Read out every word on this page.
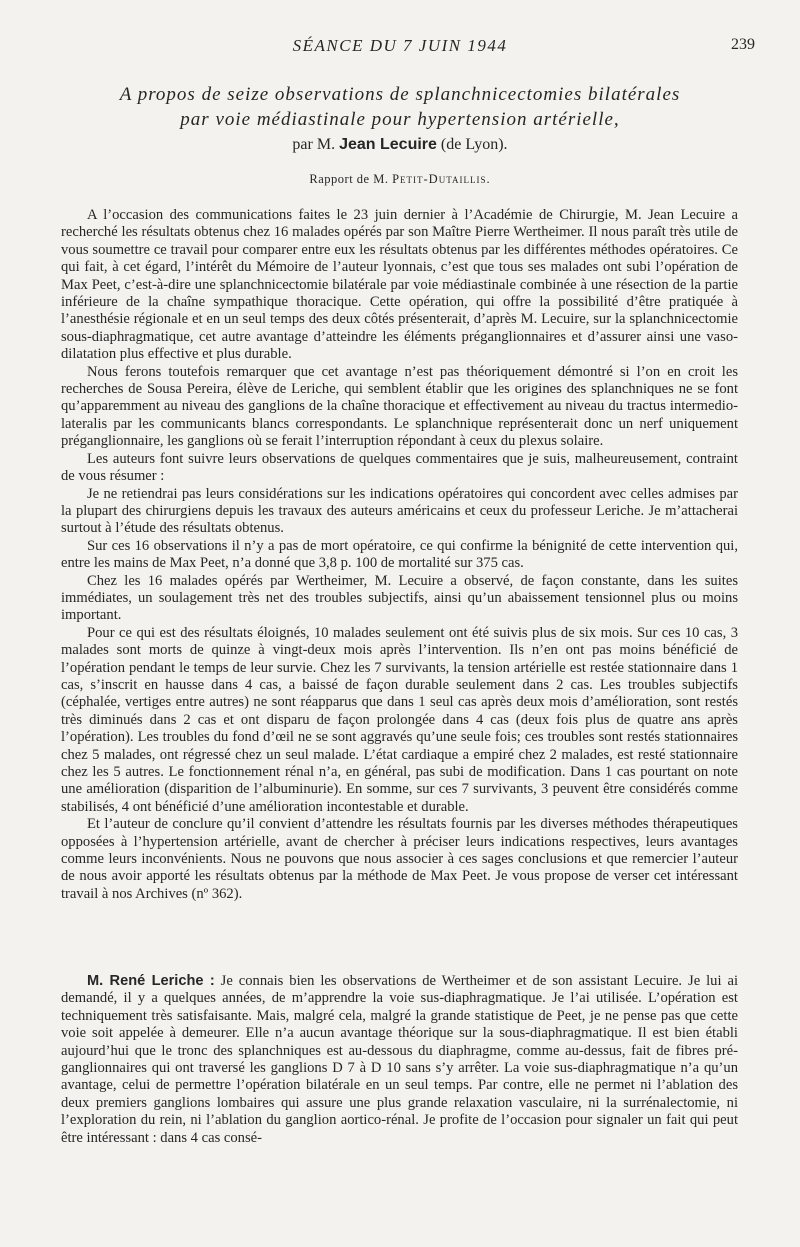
SÉANCE DU 7 JUIN 1944	239
A propos de seize observations de splanchnicectomies bilatérales
par voie médiastinale pour hypertension artérielle,
par M. Jean Lecuire (de Lyon).
Rapport de M. Petit-Dutaillis.

A l’occasion des communications faites le 23 juin dernier à l’Académie de Chirurgie, M. Jean Lecuire a recherché les résultats obtenus chez 16 malades opérés par son Maître Pierre Wertheimer. Il nous paraît très utile de vous soumettre ce travail pour comparer entre eux les résultats obtenus par les différentes méthodes opératoires. Ce qui fait, à cet égard, l’intérêt du Mémoire de l’auteur lyonnais, c’est que tous ses malades ont subi l’opération de Max Peet, c’est-à-dire une splanchnicectomie bilatérale par voie médiastinale combinée à une résection de la partie inférieure de la chaîne sympathique thoracique. Cette opération, qui offre la possibilité d’être pratiquée à l’anesthésie régionale et en un seul temps des deux côtés présenterait, d’après M. Lecuire, sur la splanchnicectomie sous-diaphragmatique, cet autre avantage d’atteindre les éléments préganglionnaires et d’assurer ainsi une vaso-dilatation plus effective et plus durable.

Nous ferons toutefois remarquer que cet avantage n’est pas théoriquement démontré si l’on en croit les recherches de Sousa Pereira, élève de Leriche, qui semblent établir que les origines des splanchniques ne se font qu’apparemment au niveau des ganglions de la chaîne thoracique et effectivement au niveau du tractus intermedio-lateralis par les communicants blancs correspondants. Le splanchnique représenterait donc un nerf uniquement préganglionnaire, les ganglions où se ferait l’interruption répondant à ceux du plexus solaire.

Les auteurs font suivre leurs observations de quelques commentaires que je suis, malheureusement, contraint de vous résumer :

Je ne retiendrai pas leurs considérations sur les indications opératoires qui concordent avec celles admises par la plupart des chirurgiens depuis les travaux des auteurs américains et ceux du professeur Leriche. Je m’attacherai surtout à l’étude des résultats obtenus.

Sur ces 16 observations il n’y a pas de mort opératoire, ce qui confirme la bénignité de cette intervention qui, entre les mains de Max Peet, n’a donné que 3,8 p. 100 de mortalité sur 375 cas.

Chez les 16 malades opérés par Wertheimer, M. Lecuire a observé, de façon constante, dans les suites immédiates, un soulagement très net des troubles subjectifs, ainsi qu’un abaissement tensionnel plus ou moins important.

Pour ce qui est des résultats éloignés, 10 malades seulement ont été suivis plus de six mois. Sur ces 10 cas, 3 malades sont morts de quinze à vingt-deux mois après l’intervention. Ils n’en ont pas moins bénéficié de l’opération pendant le temps de leur survie. Chez les 7 survivants, la tension artérielle est restée stationnaire dans 1 cas, s’inscrit en hausse dans 4 cas, a baissé de façon durable seulement dans 2 cas. Les troubles subjectifs (céphalée, vertiges entre autres) ne sont réapparus que dans 1 seul cas après deux mois d’amélioration, sont restés très diminués dans 2 cas et ont disparu de façon prolongée dans 4 cas (deux fois plus de quatre ans après l’opération). Les troubles du fond d’œil ne se sont aggravés qu’une seule fois; ces troubles sont restés stationnaires chez 5 malades, ont régressé chez un seul malade. L’état cardiaque a empiré chez 2 malades, est resté stationnaire chez les 5 autres. Le fonctionnement rénal n’a, en général, pas subi de modification. Dans 1 cas pourtant on note une amélioration (disparition de l’albuminurie). En somme, sur ces 7 survivants, 3 peuvent être considérés comme stabilisés, 4 ont bénéficié d’une amélioration incontestable et durable.

Et l’auteur de conclure qu’il convient d’attendre les résultats fournis par les diverses méthodes thérapeutiques opposées à l’hypertension artérielle, avant de chercher à préciser leurs indications respectives, leurs avantages comme leurs inconvénients. Nous ne pouvons que nous associer à ces sages conclusions et que remercier l’auteur de nous avoir apporté les résultats obtenus par la méthode de Max Peet. Je vous propose de verser cet intéressant travail à nos Archives (nº 362).

M. René Leriche : Je connais bien les observations de Wertheimer et de son assistant Lecuire. Je lui ai demandé, il y a quelques années, de m’apprendre la voie sus-diaphragmatique. Je l’ai utilisée. L’opération est techniquement très satisfaisante. Mais, malgré cela, malgré la grande statistique de Peet, je ne pense pas que cette voie soit appelée à demeurer. Elle n’a aucun avantage théorique sur la sous-diaphragmatique. Il est bien établi aujourd’hui que le tronc des splanchniques est au-dessous du diaphragme, comme au-dessus, fait de fibres pré-ganglionnaires qui ont traversé les ganglions D 7 à D 10 sans s’y arrêter. La voie sus-diaphragmatique n’a qu’un avantage, celui de permettre l’opération bilatérale en un seul temps. Par contre, elle ne permet ni l’ablation des deux premiers ganglions lombaires qui assure une plus grande relaxation vasculaire, ni la surrénalectomie, ni l’exploration du rein, ni l’ablation du ganglion aortico-rénal. Je profite de l’occasion pour signaler un fait qui peut être intéressant : dans 4 cas consé-
